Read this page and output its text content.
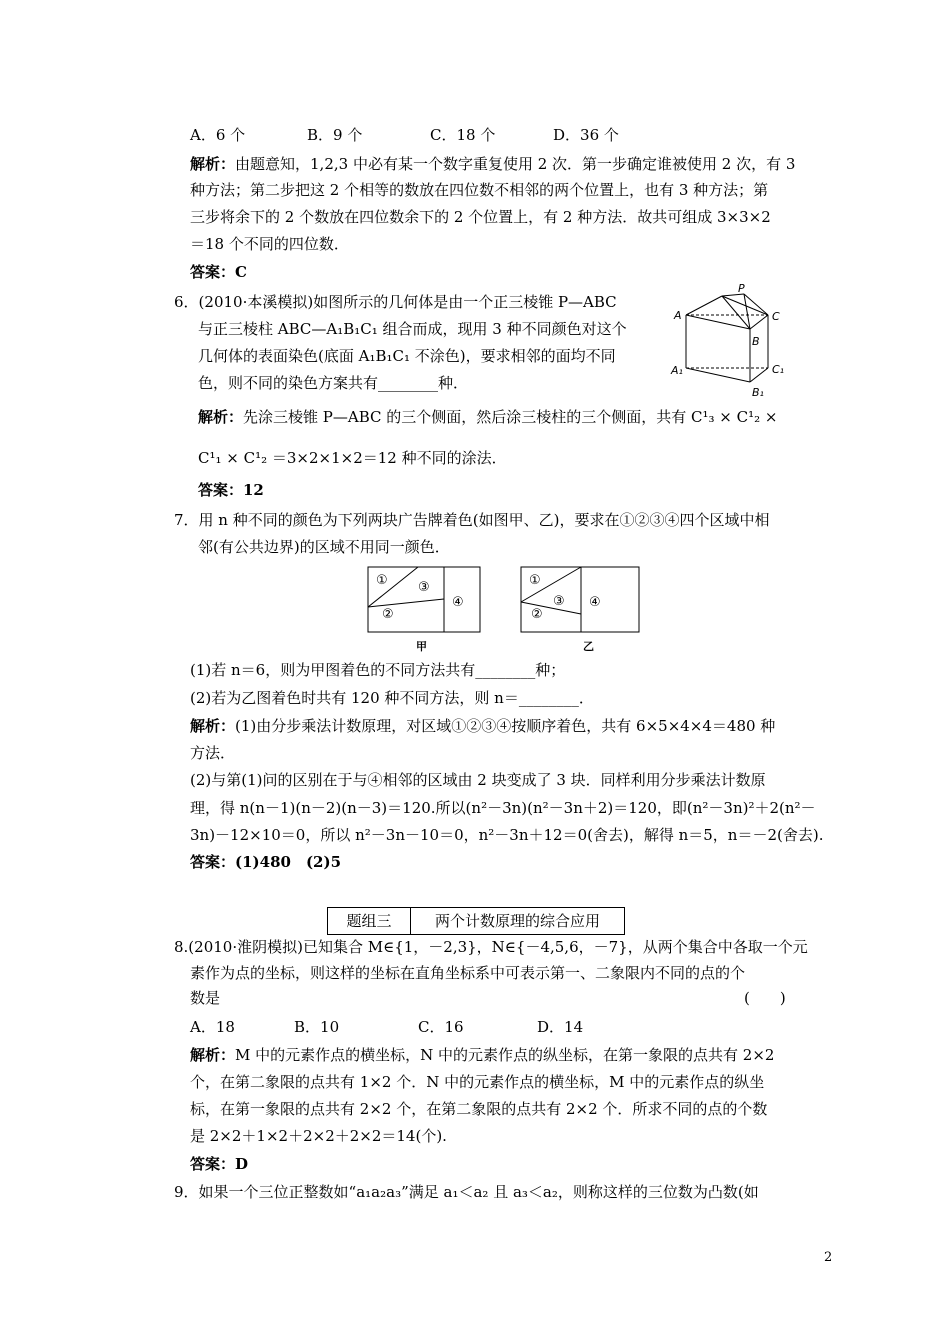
A．6 个	B．9 个	C．18 个	D．36 个
解析：由题意知，1,2,3 中必有某一个数字重复使用 2 次．第一步确定谁被使用 2 次，有 3
种方法；第二步把这 2 个相等的数放在四位数不相邻的两个位置上，也有 3 种方法；第
三步将余下的 2 个数放在四位数余下的 2 个位置上，有 2 种方法．故共可组成 3×3×2
＝18 个不同的四位数．
答案：C
6．(2010·本溪模拟)如图所示的几何体是由一个正三棱锥 P—ABC
与正三棱柱 ABC—A₁B₁C₁ 组合而成，现用 3 种不同颜色对这个
几何体的表面染色(底面 A₁B₁C₁ 不涂色)，要求相邻的面均不同
色，则不同的染色方案共有________种．
P
A	C
B
A₁	C₁
B₁
解析：先涂三棱锥 P—ABC 的三个侧面，然后涂三棱柱的三个侧面，共有 C¹₃ × C¹₂ ×
C¹₁ × C¹₂ ＝3×2×1×2＝12 种不同的涂法．
答案：12
7．用 n 种不同的颜色为下列两块广告牌着色(如图甲、乙)，要求在①②③④四个区域中相
邻(有公共边界)的区域不用同一颜色．
①
②
③
④
甲
①
②
③ ④
乙
(1)若 n＝6，则为甲图着色的不同方法共有________种；
(2)若为乙图着色时共有 120 种不同方法，则 n＝________．
解析：(1)由分步乘法计数原理，对区域①②③④按顺序着色，共有 6×5×4×4＝480 种
方法．
(2)与第(1)问的区别在于与④相邻的区域由 2 块变成了 3 块．同样利用分步乘法计数原
理，得 n(n－1)(n－2)(n－3)＝120.所以(n²－3n)(n²－3n＋2)＝120，即(n²－3n)²＋2(n²－
3n)－12×10＝0，所以 n²－3n－10＝0，n²－3n＋12＝0(舍去)，解得 n＝5，n＝－2(舍去).
答案：(1)480　(2)5
题组三	两个计数原理的综合应用
8.(2010·淮阴模拟)已知集合 M∈{1，－2,3}，N∈{－4,5,6，－7}，从两个集合中各取一个元
素作为点的坐标，则这样的坐标在直角坐标系中可表示第一、二象限内不同的点的个
数是	(　　)
A．18	B．10	C．16	D．14
解析：M 中的元素作点的横坐标，N 中的元素作点的纵坐标，在第一象限的点共有 2×2
个，在第二象限的点共有 1×2 个．N 中的元素作点的横坐标，M 中的元素作点的纵坐
标，在第一象限的点共有 2×2 个，在第二象限的点共有 2×2 个．所求不同的点的个数
是 2×2＋1×2＋2×2＋2×2＝14(个).
答案：D
9．如果一个三位正整数如“a₁a₂a₃”满足 a₁＜a₂ 且 a₃＜a₂，则称这样的三位数为凸数(如
2
